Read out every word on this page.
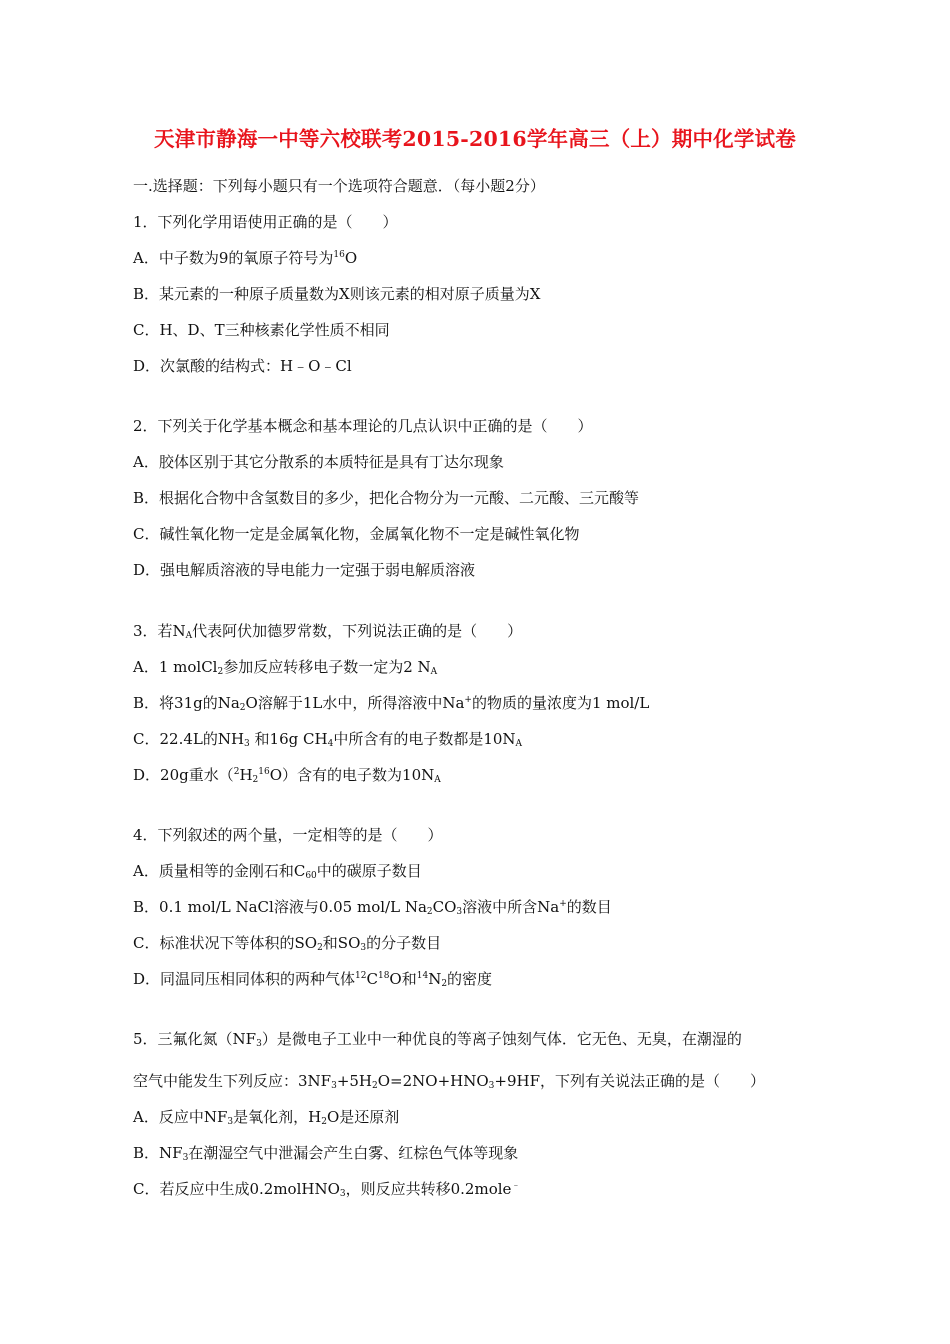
天津市静海一中等六校联考2015-2016学年高三（上）期中化学试卷
一.选择题：下列每小题只有一个选项符合题意．（每小题2分）
1．下列化学用语使用正确的是（　　）
A．中子数为9的氧原子符号为$^{16}$O
B．某元素的一种原子质量数为X则该元素的相对原子质量为X
C．H、D、T三种核素化学性质不相同
D．次氯酸的结构式：H﹣O﹣Cl
2．下列关于化学基本概念和基本理论的几点认识中正确的是（　　）
A．胶体区别于其它分散系的本质特征是具有丁达尔现象
B．根据化合物中含氢数目的多少，把化合物分为一元酸、二元酸、三元酸等
C．碱性氧化物一定是金属氧化物，金属氧化物不一定是碱性氧化物
D．强电解质溶液的导电能力一定强于弱电解质溶液
3．若$N_A$代表阿伏加德罗常数，下列说法正确的是（　　）
A．1 molCl$_2$参加反应转移电子数一定为2 $N_A$
B．将31g的$Na_2O$溶解于1L水中，所得溶液中Na+的物质的量浓度为1 mol/L
C．22.4L的$NH_3$ 和16g $CH_4$中所含有的电子数都是$10N_A$
D．20g重水$(^2H_2^{16}O)$含有的电子数为$10N_A$
4．下列叙述的两个量，一定相等的是（　　）
A．质量相等的金刚石和$C_{60}$中的碳原子数目
B．0.1 mol/L NaCl溶液与0.05 mol/L $Na_2CO_3$溶液中所含Na+的数目
C．标准状况下等体积的$SO_2$和$SO_3$的分子数目
D．同温同压相同体积的两种气体$^{12}C^{18}O$和$^{14}N_2$的密度
5．三氟化氮$(NF_3)$是微电子工业中一种优良的等离子蚀刻气体．它无色、无臭，在潮湿的
空气中能发生下列反应：$3NF_3+5H_2O=2NO+HNO_3+9HF$，下列有关说法正确的是（　　）
A．反应中$NF_3$是氧化剂，$H_2O$是还原剂
B．$NF_3$在潮湿空气中泄漏会产生白雾、红棕色气体等现象
C．若反应中生成0.2molHNO$_3$，则反应共转移0.2mole﹣
